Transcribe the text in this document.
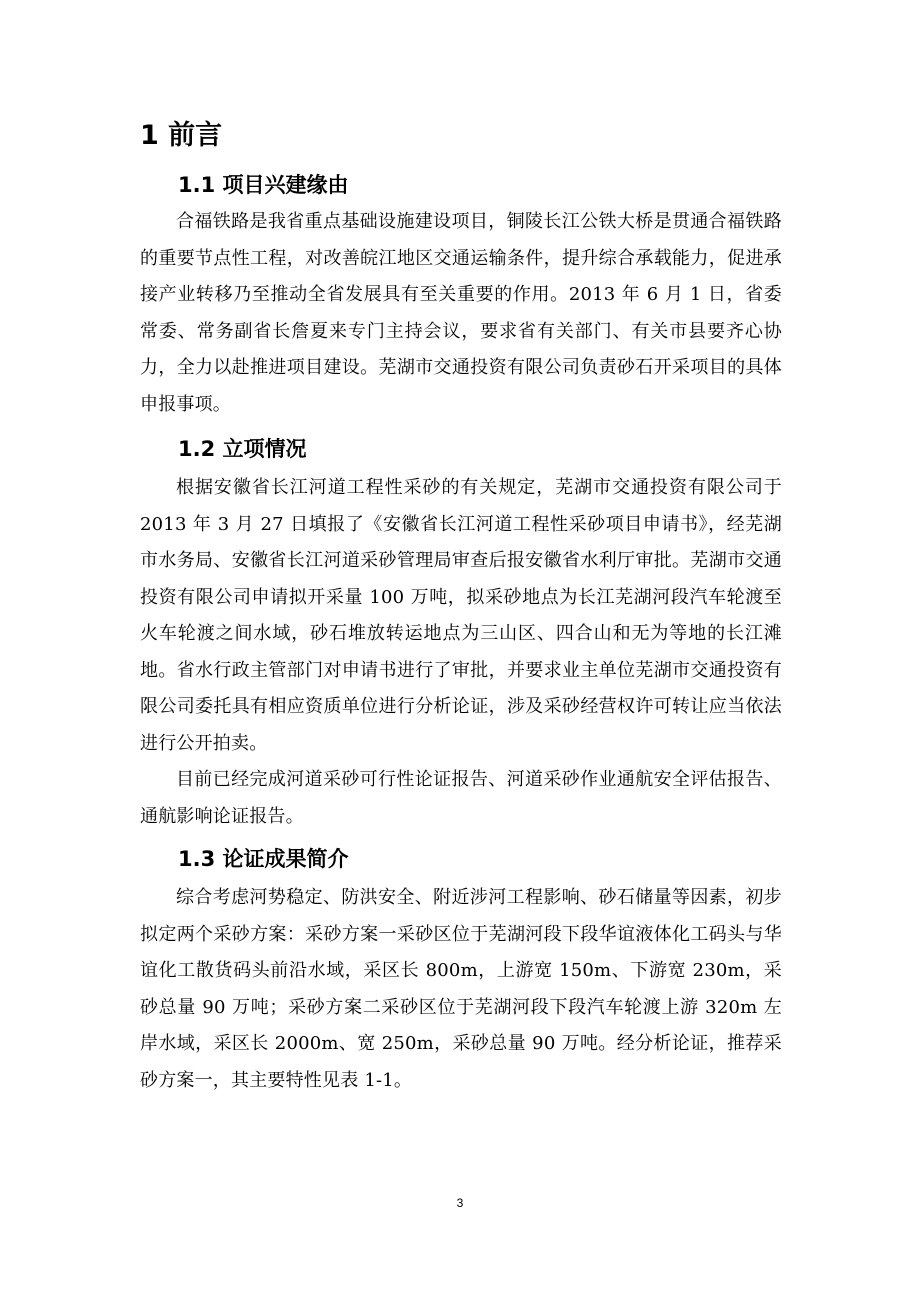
1 前言
1.1 项目兴建缘由

合福铁路是我省重点基础设施建设项目，铜陵长江公铁大桥是贯通合福铁路的重要节点性工程，对改善皖江地区交通运输条件，提升综合承载能力，促进承接产业转移乃至推动全省发展具有至关重要的作用。2013 年 6 月 1 日，省委常委、常务副省长詹夏来专门主持会议，要求省有关部门、有关市县要齐心协力，全力以赴推进项目建设。芜湖市交通投资有限公司负责砂石开采项目的具体申报事项。

1.2 立项情况

根据安徽省长江河道工程性采砂的有关规定，芜湖市交通投资有限公司于 2013 年 3 月 27 日填报了《安徽省长江河道工程性采砂项目申请书》，经芜湖市水务局、安徽省长江河道采砂管理局审查后报安徽省水利厅审批。芜湖市交通投资有限公司申请拟开采量 100 万吨，拟采砂地点为长江芜湖河段汽车轮渡至火车轮渡之间水域，砂石堆放转运地点为三山区、四合山和无为等地的长江滩地。省水行政主管部门对申请书进行了审批，并要求业主单位芜湖市交通投资有限公司委托具有相应资质单位进行分析论证，涉及采砂经营权许可转让应当依法进行公开拍卖。

目前已经完成河道采砂可行性论证报告、河道采砂作业通航安全评估报告、通航影响论证报告。

1.3 论证成果简介

综合考虑河势稳定、防洪安全、附近涉河工程影响、砂石储量等因素，初步拟定两个采砂方案：采砂方案一采砂区位于芜湖河段下段华谊液体化工码头与华谊化工散货码头前沿水域，采区长 800m，上游宽 150m、下游宽 230m，采砂总量 90 万吨；采砂方案二采砂区位于芜湖河段下段汽车轮渡上游 320m 左岸水域，采区长 2000m、宽 250m，采砂总量 90 万吨。经分析论证，推荐采砂方案一，其主要特性见表 1-1。

3
